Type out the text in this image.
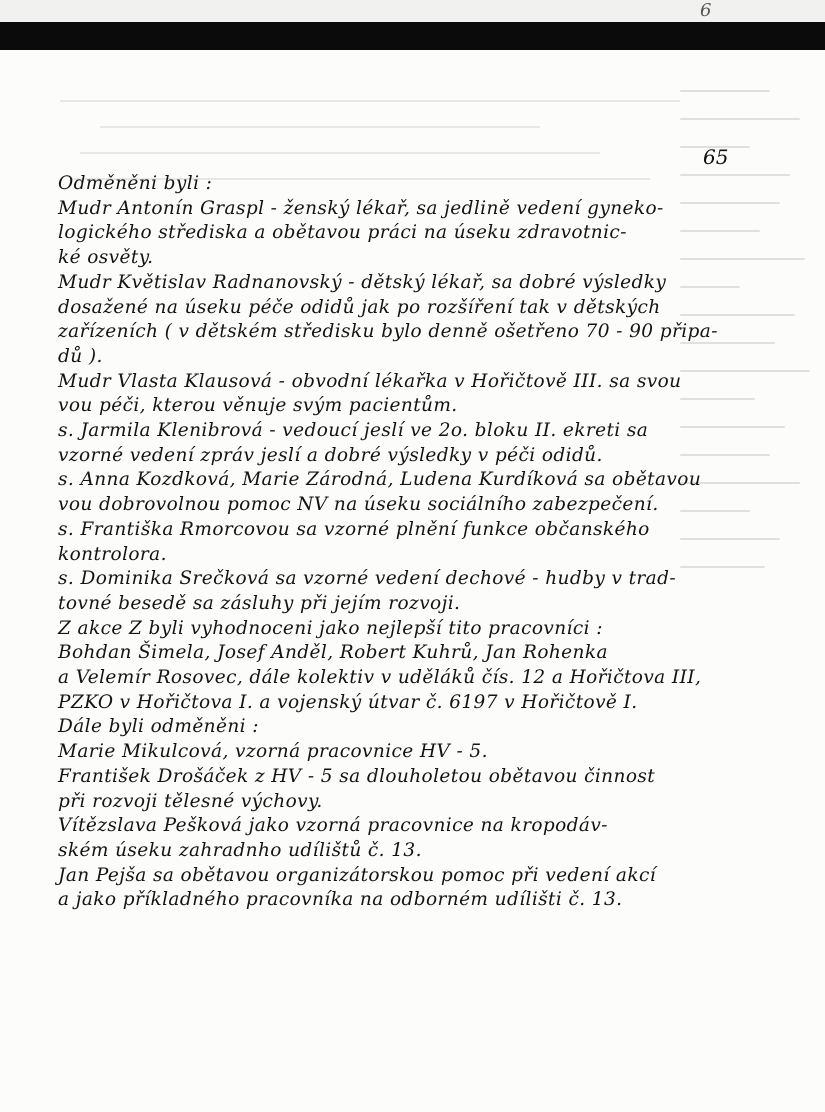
6
65
Odměněni byli :
Mudr Antonín Graspl - ženský lékař, sa jedlině vedení gyneko-
logického střediska a obětavou práci na úseku zdravotnic-
ké osvěty.
Mudr Květislav Radnanovský - dětský lékař, sa dobré výsledky
dosažené na úseku péče odidů jak po rozšíření tak v dětských
zařízeních ( v dětském středisku bylo denně ošetřeno 70 - 90 připa-
dů ).
Mudr Vlasta Klausová - obvodní lékařka v Hořičtově III. sa svou
vou péči, kterou věnuje svým pacientům.
s. Jarmila Klenibrová - vedoucí jeslí ve 2o. bloku II. ekreti sa
vzorné vedení zpráv jeslí a dobré výsledky v péči odidů.
s. Anna Kozdková, Marie Zárodná, Ludena Kurdíková sa obětavou
vou dobrovolnou pomoc NV na úseku sociálního zabezpečení.
s. Františka Rmorcovou sa vzorné plnění funkce občanského
kontrolora.
s. Dominika Srečková sa vzorné vedení dechové - hudby v trad-
tovné besedě sa zásluhy při jejím rozvoji.
Z akce Z byli vyhodnoceni jako nejlepší tito pracovníci :
Bohdan Šimela, Josef Anděl, Robert Kuhrů, Jan Rohenka
a Velemír Rosovec, dále kolektiv v uděláků čís. 12 a Hořičtova III,
PZKO v Hořičtova I. a vojenský útvar č. 6197 v Hořičtově I.
Dále byli odměněni :
Marie Mikulcová, vzorná pracovnice HV - 5.
František Drošáček z HV - 5 sa dlouholetou obětavou činnost
při rozvoji tělesné výchovy.
Vítězslava Pešková jako vzorná pracovnice na kropodáv-
ském úseku zahradnho udílištů č. 13.
Jan Pejša sa obětavou organizátorskou pomoc při vedení akcí
a jako příkladného pracovníka na odborném udílišti č. 13.
